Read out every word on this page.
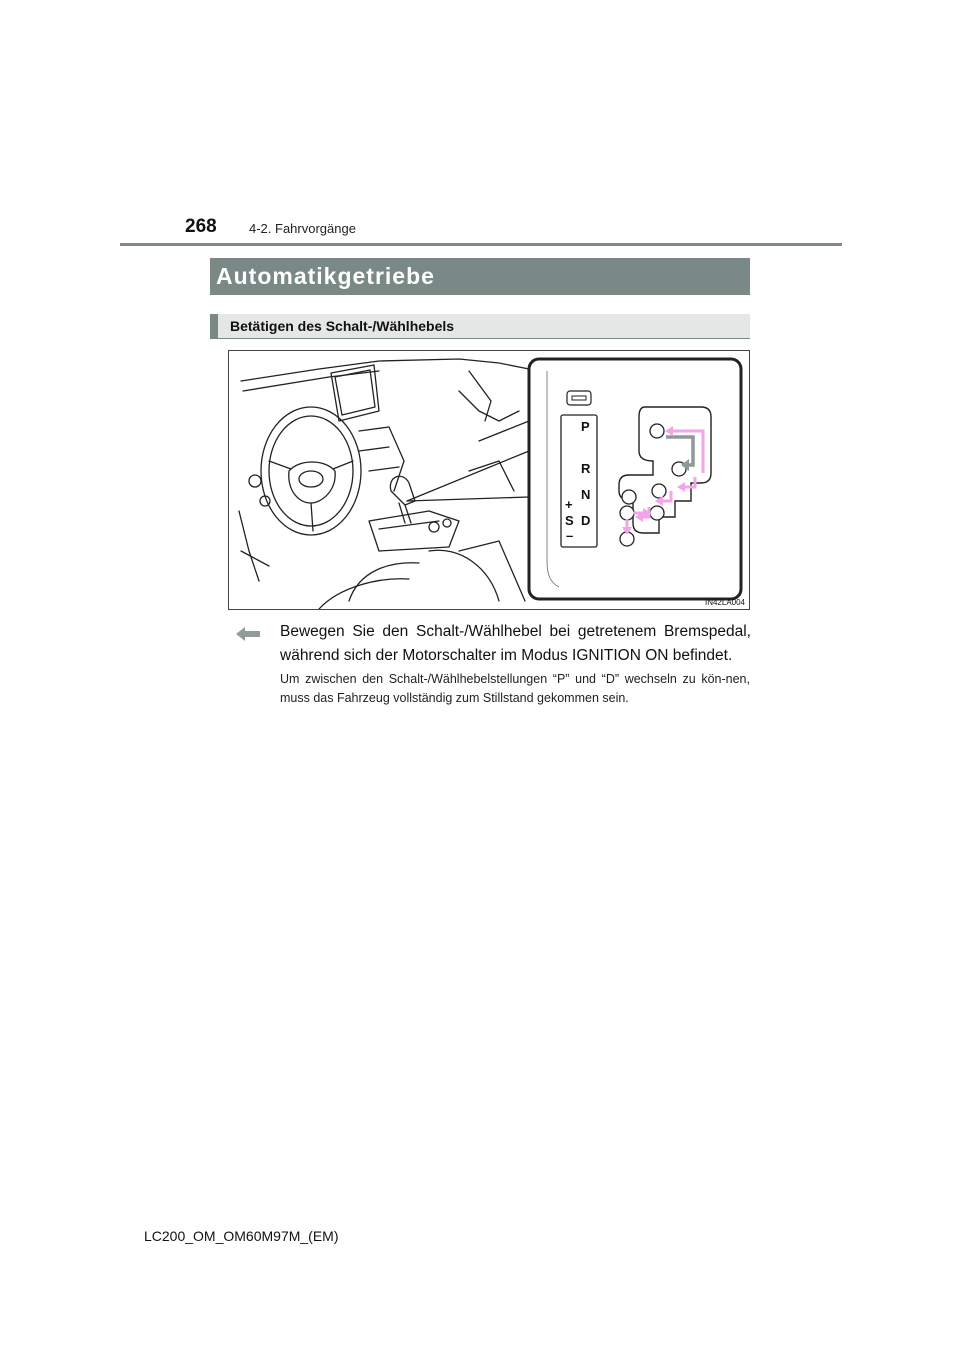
268 4-2. Fahrvorgänge
Automatikgetriebe
Betätigen des Schalt-/Wählhebels
P
R
N
D
+
S
–
IN42LA004
Bewegen Sie den Schalt-/Wählhebel bei getretenem Bremspedal, während sich der Motorschalter im Modus IGNITION ON befindet.
Um zwischen den Schalt-/Wählhebelstellungen “P” und “D” wechseln zu kön-nen, muss das Fahrzeug vollständig zum Stillstand gekommen sein.
LC200_OM_OM60M97M_(EM)
